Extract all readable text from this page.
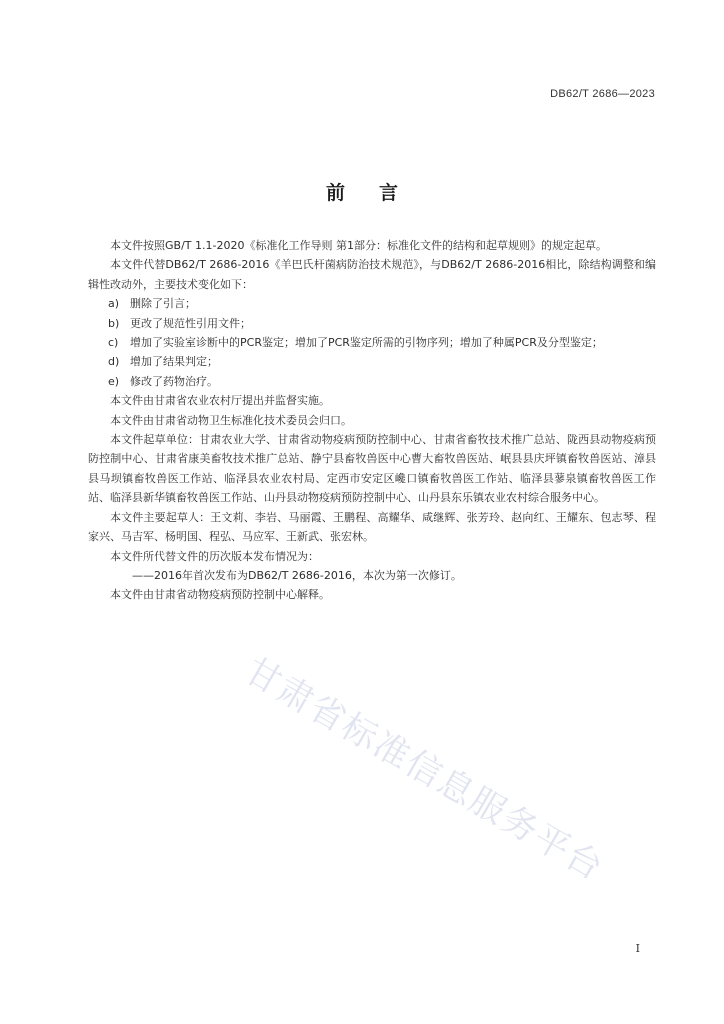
DB62/T 2686—2023
前言

本文件按照GB/T 1.1-2020《标准化工作导则 第1部分：标准化文件的结构和起草规则》的规定起草。

本文件代替DB62/T 2686-2016《羊巴氏杆菌病防治技术规范》，与DB62/T 2686-2016相比，除结构调整和编辑性改动外，主要技术变化如下：

a) 删除了引言；

b) 更改了规范性引用文件；

c) 增加了实验室诊断中的PCR鉴定；增加了PCR鉴定所需的引物序列；增加了种属PCR及分型鉴定；

d) 增加了结果判定；

e) 修改了药物治疗。

本文件由甘肃省农业农村厅提出并监督实施。

本文件由甘肃省动物卫生标准化技术委员会归口。

本文件起草单位：甘肃农业大学、甘肃省动物疫病预防控制中心、甘肃省畜牧技术推广总站、陇西县动物疫病预防控制中心、甘肃省康美畜牧技术推广总站、静宁县畜牧兽医中心曹大畜牧兽医站、岷县县庆坪镇畜牧兽医站、漳县县马坝镇畜牧兽医工作站、临泽县农业农村局、定西市安定区巉口镇畜牧兽医工作站、临泽县蓼泉镇畜牧兽医工作站、临泽县新华镇畜牧兽医工作站、山丹县动物疫病预防控制中心、山丹县东乐镇农业农村综合服务中心。

本文件主要起草人：王文莉、李岩、马丽霞、王鹏程、高耀华、咸继辉、张芳玲、赵向红、王耀东、包志琴、程家兴、马吉军、杨明国、程弘、马应军、王新武、张宏林。

本文件所代替文件的历次版本发布情况为：

——2016年首次发布为DB62/T 2686-2016，本次为第一次修订。

本文件由甘肃省动物疫病预防控制中心解释。

甘肃省标准信息服务平台
I
